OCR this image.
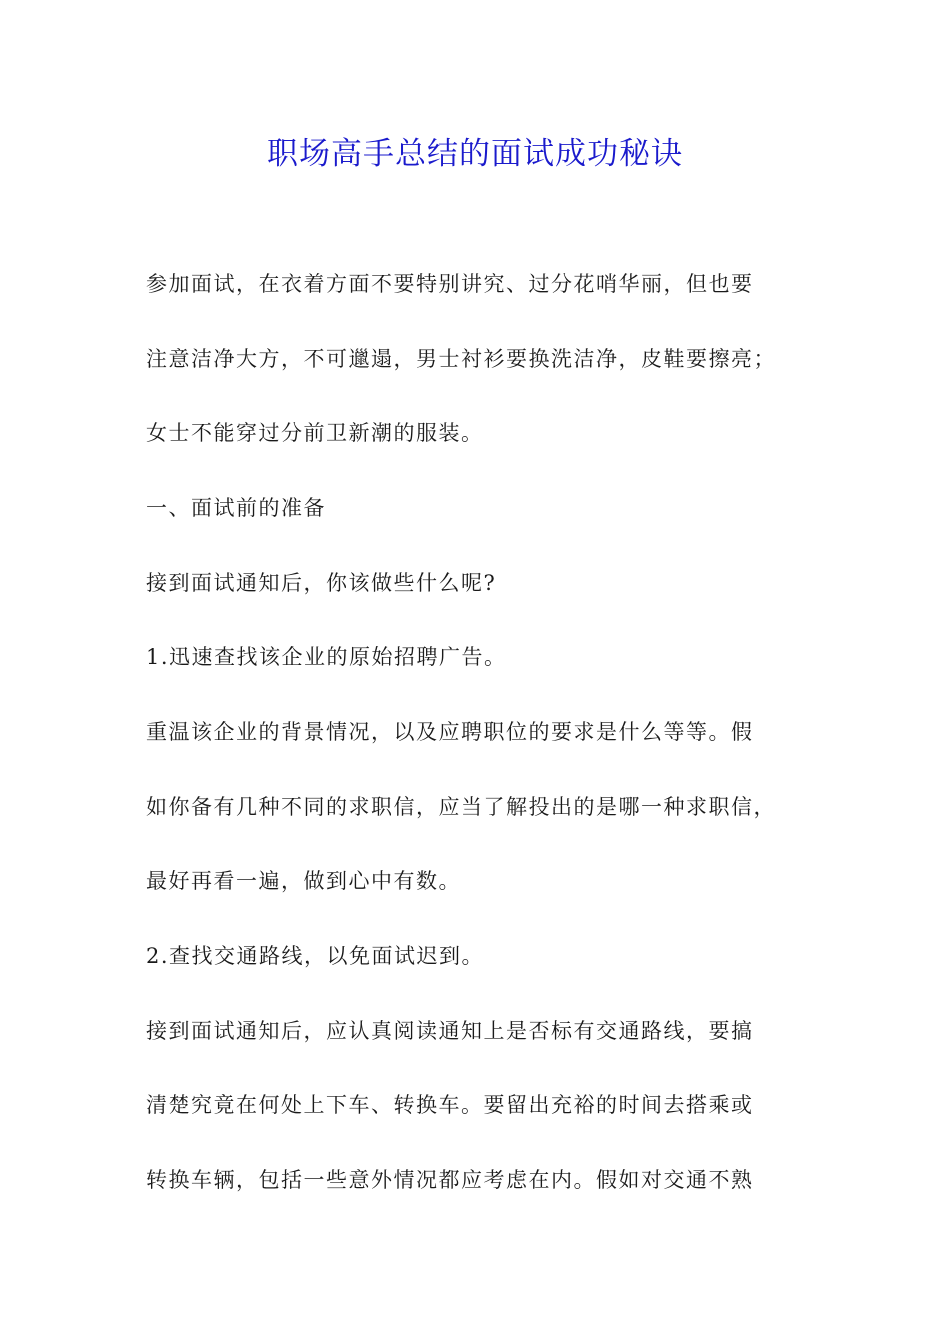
职场高手总结的面试成功秘诀

参加面试，在衣着方面不要特别讲究、过分花哨华丽，但也要

注意洁净大方，不可邋遢，男士衬衫要换洗洁净，皮鞋要擦亮；

女士不能穿过分前卫新潮的服装。

一、面试前的准备

接到面试通知后，你该做些什么呢?

1.迅速查找该企业的原始招聘广告。

重温该企业的背景情况，以及应聘职位的要求是什么等等。假

如你备有几种不同的求职信，应当了解投出的是哪一种求职信，

最好再看一遍，做到心中有数。

2.查找交通路线，以免面试迟到。

接到面试通知后，应认真阅读通知上是否标有交通路线，要搞

清楚究竟在何处上下车、转换车。要留出充裕的时间去搭乘或

转换车辆，包括一些意外情况都应考虑在内。假如对交通不熟
